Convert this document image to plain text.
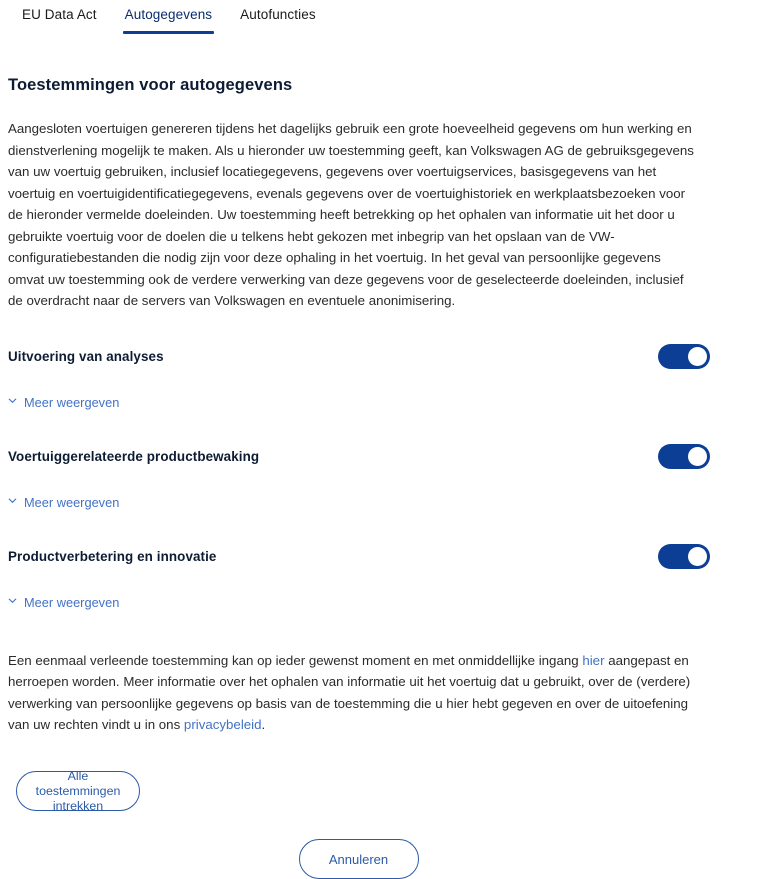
EU Data Act Autogegevens Autofuncties
Toestemmingen voor autogegevens

Aangesloten voertuigen genereren tijdens het dagelijks gebruik een grote hoeveelheid gegevens om hun werking en dienstverlening mogelijk te maken. Als u hieronder uw toestemming geeft, kan Volkswagen AG de gebruiksgegevens van uw voertuig gebruiken, inclusief locatiegegevens, gegevens over voertuigservices, basisgegevens van het voertuig en voertuigidentificatiegegevens, evenals gegevens over de voertuighistoriek en werkplaatsbezoeken voor de hieronder vermelde doeleinden. Uw toestemming heeft betrekking op het ophalen van informatie uit het door u gebruikte voertuig voor de doelen die u telkens hebt gekozen met inbegrip van het opslaan van de VW-configuratiebestanden die nodig zijn voor deze ophaling in het voertuig. In het geval van persoonlijke gegevens omvat uw toestemming ook de verdere verwerking van deze gegevens voor de geselecteerde doeleinden, inclusief de overdracht naar de servers van Volkswagen en eventuele anonimisering.

Uitvoering van analyses
Meer weergeven
Voertuiggerelateerde productbewaking
Meer weergeven
Productverbetering en innovatie
Meer weergeven

Een eenmaal verleende toestemming kan op ieder gewenst moment en met onmiddellijke ingang hier aangepast en herroepen worden. Meer informatie over het ophalen van informatie uit het voertuig dat u gebruikt, over de (verdere) verwerking van persoonlijke gegevens op basis van de toestemming die u hier hebt gegeven en over de uitoefening van uw rechten vindt u in ons privacybeleid.

Alle toestemmingen
intrekken
Annuleren
